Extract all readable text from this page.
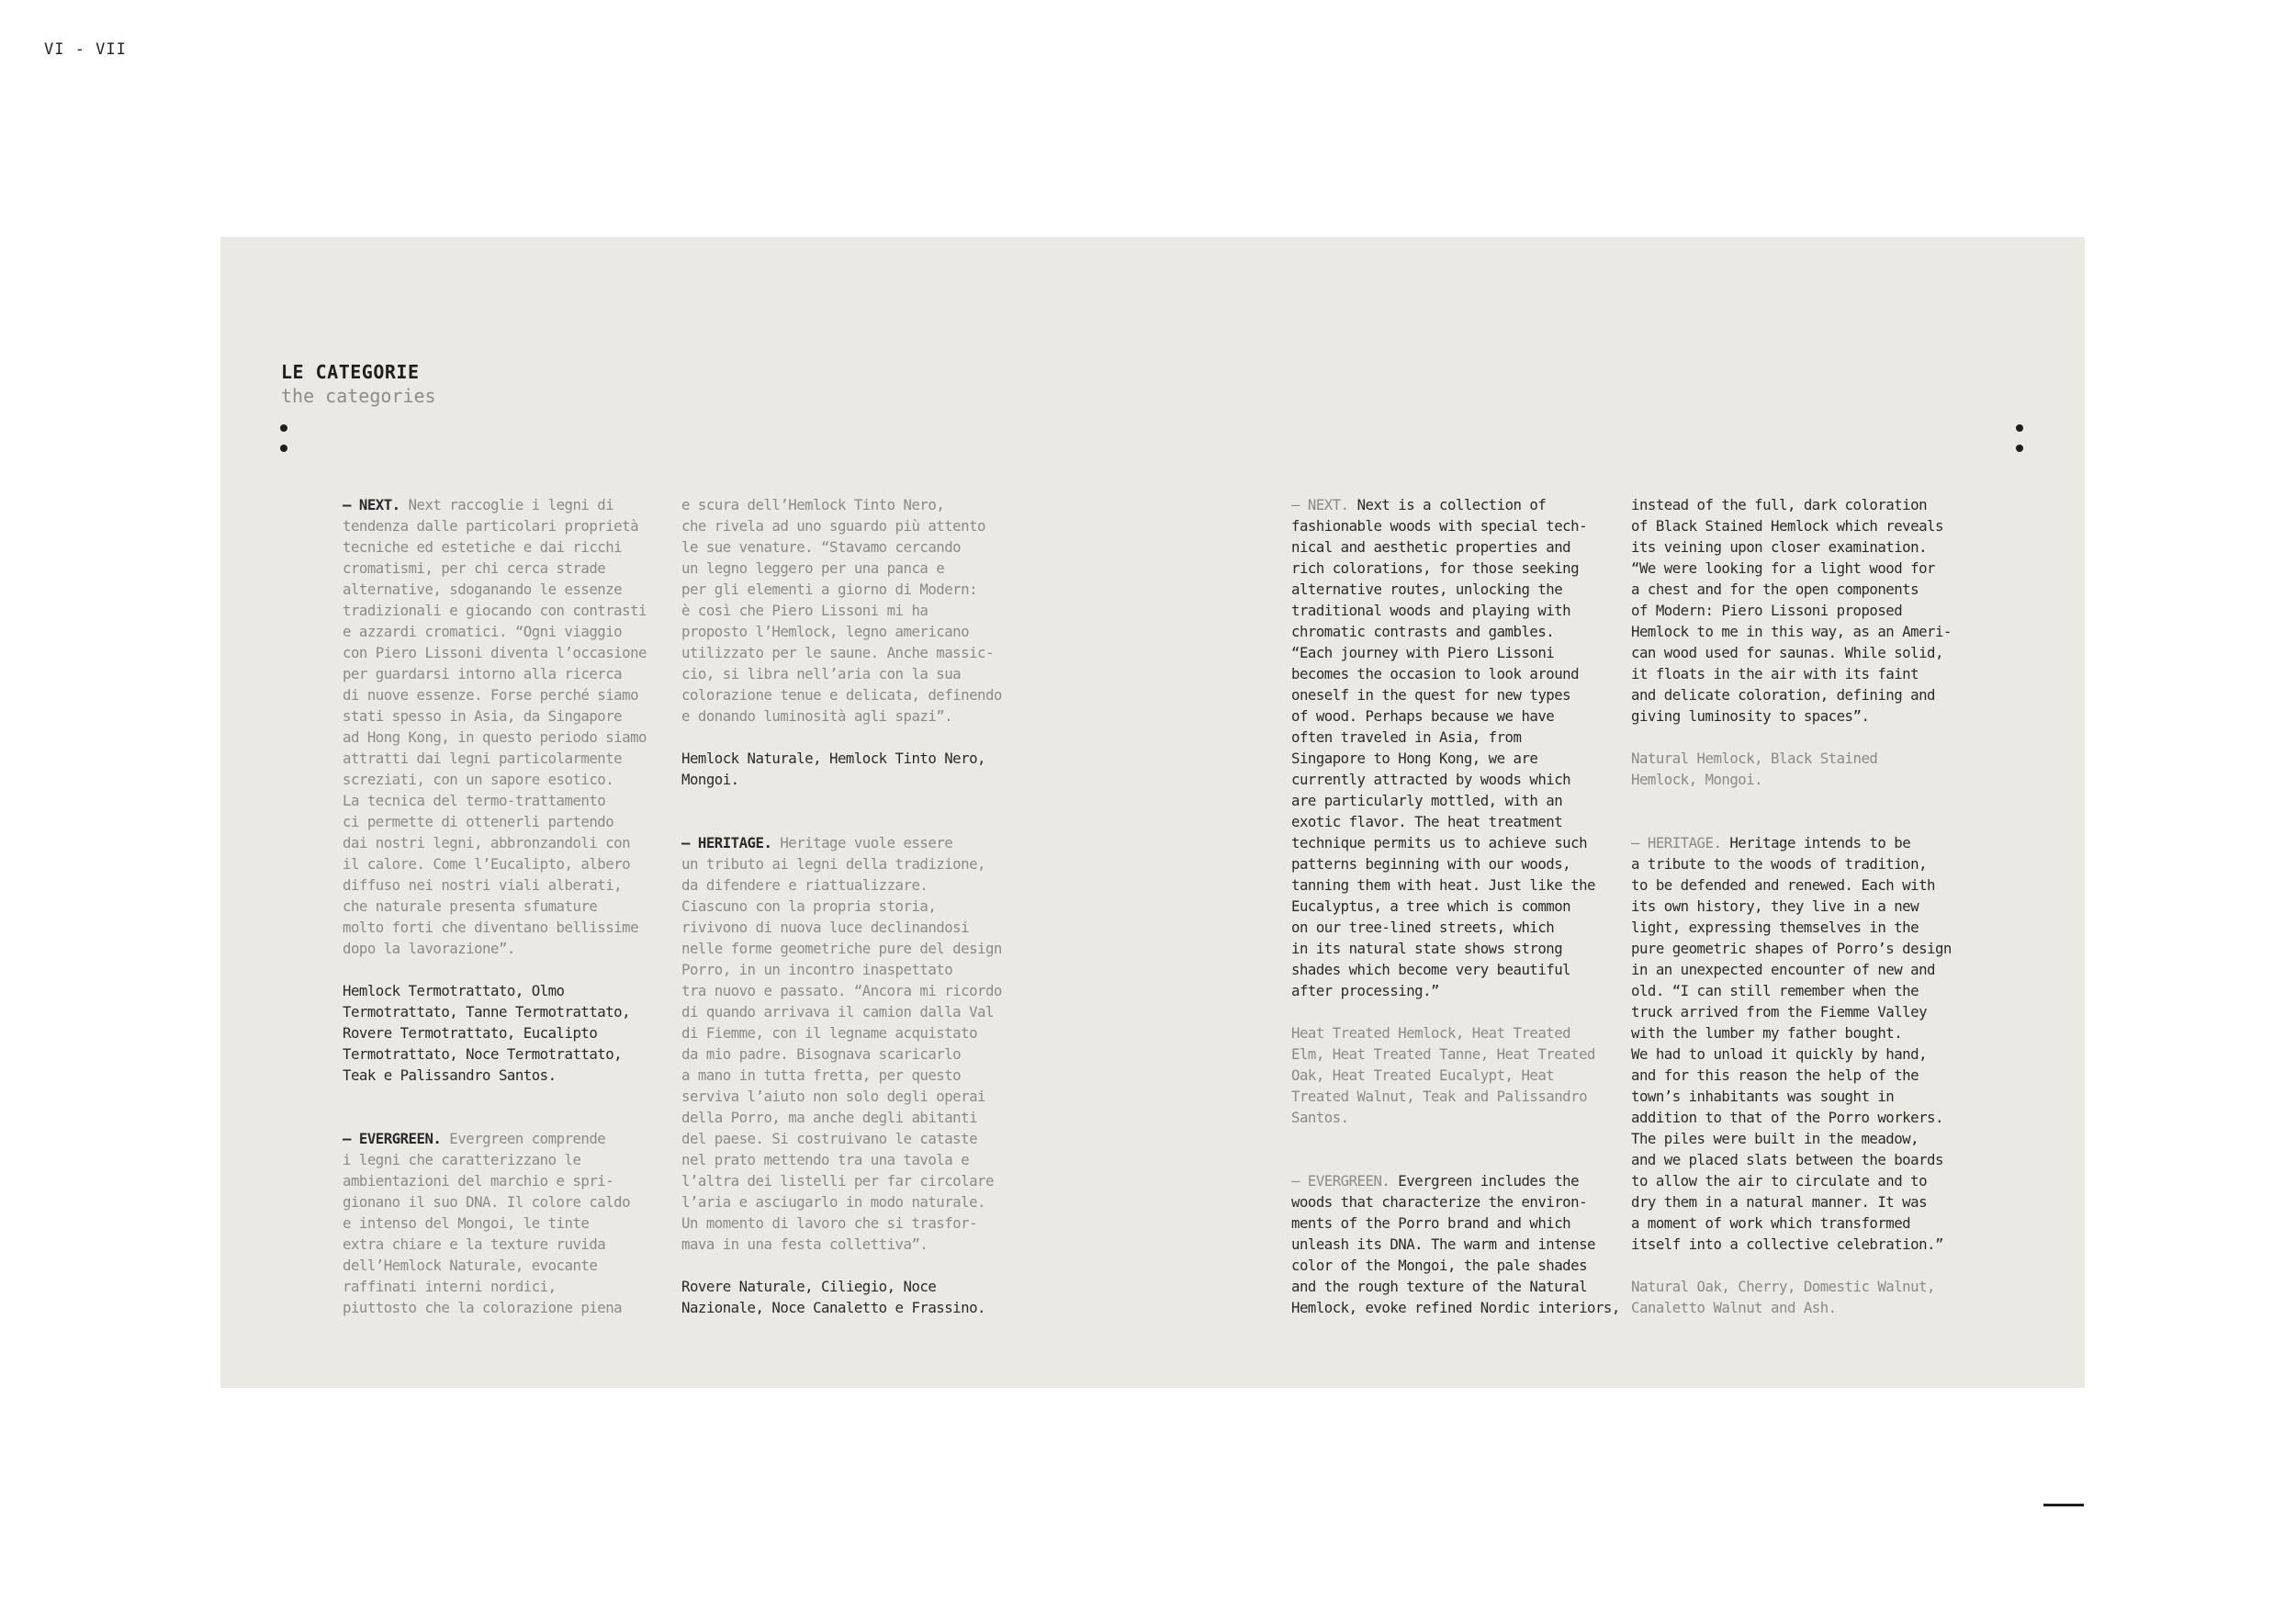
VI - VII
LE CATEGORIE
the categories

— NEXT. Next raccoglie i legni di
tendenza dalle particolari proprietà
tecniche ed estetiche e dai ricchi
cromatismi, per chi cerca strade
alternative, sdoganando le essenze
tradizionali e giocando con contrasti
e azzardi cromatici. “Ogni viaggio
con Piero Lissoni diventa l’occasione
per guardarsi intorno alla ricerca
di nuove essenze. Forse perché siamo
stati spesso in Asia, da Singapore
ad Hong Kong, in questo periodo siamo
attratti dai legni particolarmente
screziati, con un sapore esotico.
La tecnica del termo-trattamento
ci permette di ottenerli partendo
dai nostri legni, abbronzandoli con
il calore. Come l’Eucalipto, albero
diffuso nei nostri viali alberati,
che naturale presenta sfumature
molto forti che diventano bellissime
dopo la lavorazione”.

Hemlock Termotrattato, Olmo
Termotrattato, Tanne Termotrattato,
Rovere Termotrattato, Eucalipto
Termotrattato, Noce Termotrattato,
Teak e Palissandro Santos.

— EVERGREEN. Evergreen comprende
i legni che caratterizzano le
ambientazioni del marchio e spri-
gionano il suo DNA. Il colore caldo
e intenso del Mongoi, le tinte
extra chiare e la texture ruvida
dell’Hemlock Naturale, evocante
raffinati interni nordici,
piuttosto che la colorazione piena

e scura dell’Hemlock Tinto Nero,
che rivela ad uno sguardo più attento
le sue venature. “Stavamo cercando
un legno leggero per una panca e
per gli elementi a giorno di Modern:
è così che Piero Lissoni mi ha
proposto l’Hemlock, legno americano
utilizzato per le saune. Anche massic-
cio, si libra nell’aria con la sua
colorazione tenue e delicata, definendo
e donando luminosità agli spazi”.

Hemlock Naturale, Hemlock Tinto Nero,
Mongoi.

— HERITAGE. Heritage vuole essere
un tributo ai legni della tradizione,
da difendere e riattualizzare.
Ciascuno con la propria storia,
rivivono di nuova luce declinandosi
nelle forme geometriche pure del design
Porro, in un incontro inaspettato
tra nuovo e passato. “Ancora mi ricordo
di quando arrivava il camion dalla Val
di Fiemme, con il legname acquistato
da mio padre. Bisognava scaricarlo
a mano in tutta fretta, per questo
serviva l’aiuto non solo degli operai
della Porro, ma anche degli abitanti
del paese. Si costruivano le cataste
nel prato mettendo tra una tavola e
l’altra dei listelli per far circolare
l’aria e asciugarlo in modo naturale.
Un momento di lavoro che si trasfor-
mava in una festa collettiva”.

Rovere Naturale, Ciliegio, Noce
Nazionale, Noce Canaletto e Frassino.

— NEXT. Next is a collection of
fashionable woods with special tech-
nical and aesthetic properties and
rich colorations, for those seeking
alternative routes, unlocking the
traditional woods and playing with
chromatic contrasts and gambles.
“Each journey with Piero Lissoni
becomes the occasion to look around
oneself in the quest for new types
of wood. Perhaps because we have
often traveled in Asia, from
Singapore to Hong Kong, we are
currently attracted by woods which
are particularly mottled, with an
exotic flavor. The heat treatment
technique permits us to achieve such
patterns beginning with our woods,
tanning them with heat. Just like the
Eucalyptus, a tree which is common
on our tree-lined streets, which
in its natural state shows strong
shades which become very beautiful
after processing.”

Heat Treated Hemlock, Heat Treated
Elm, Heat Treated Tanne, Heat Treated
Oak, Heat Treated Eucalypt, Heat
Treated Walnut, Teak and Palissandro
Santos.

— EVERGREEN. Evergreen includes the
woods that characterize the environ-
ments of the Porro brand and which
unleash its DNA. The warm and intense
color of the Mongoi, the pale shades
and the rough texture of the Natural
Hemlock, evoke refined Nordic interiors,

instead of the full, dark coloration
of Black Stained Hemlock which reveals
its veining upon closer examination.
“We were looking for a light wood for
a chest and for the open components
of Modern: Piero Lissoni proposed
Hemlock to me in this way, as an Ameri-
can wood used for saunas. While solid,
it floats in the air with its faint
and delicate coloration, defining and
giving luminosity to spaces”.

Natural Hemlock, Black Stained
Hemlock, Mongoi.

— HERITAGE. Heritage intends to be
a tribute to the woods of tradition,
to be defended and renewed. Each with
its own history, they live in a new
light, expressing themselves in the
pure geometric shapes of Porro’s design
in an unexpected encounter of new and
old. “I can still remember when the
truck arrived from the Fiemme Valley
with the lumber my father bought.
We had to unload it quickly by hand,
and for this reason the help of the
town’s inhabitants was sought in
addition to that of the Porro workers.
The piles were built in the meadow,
and we placed slats between the boards
to allow the air to circulate and to
dry them in a natural manner. It was
a moment of work which transformed
itself into a collective celebration.”

Natural Oak, Cherry, Domestic Walnut,
Canaletto Walnut and Ash.
